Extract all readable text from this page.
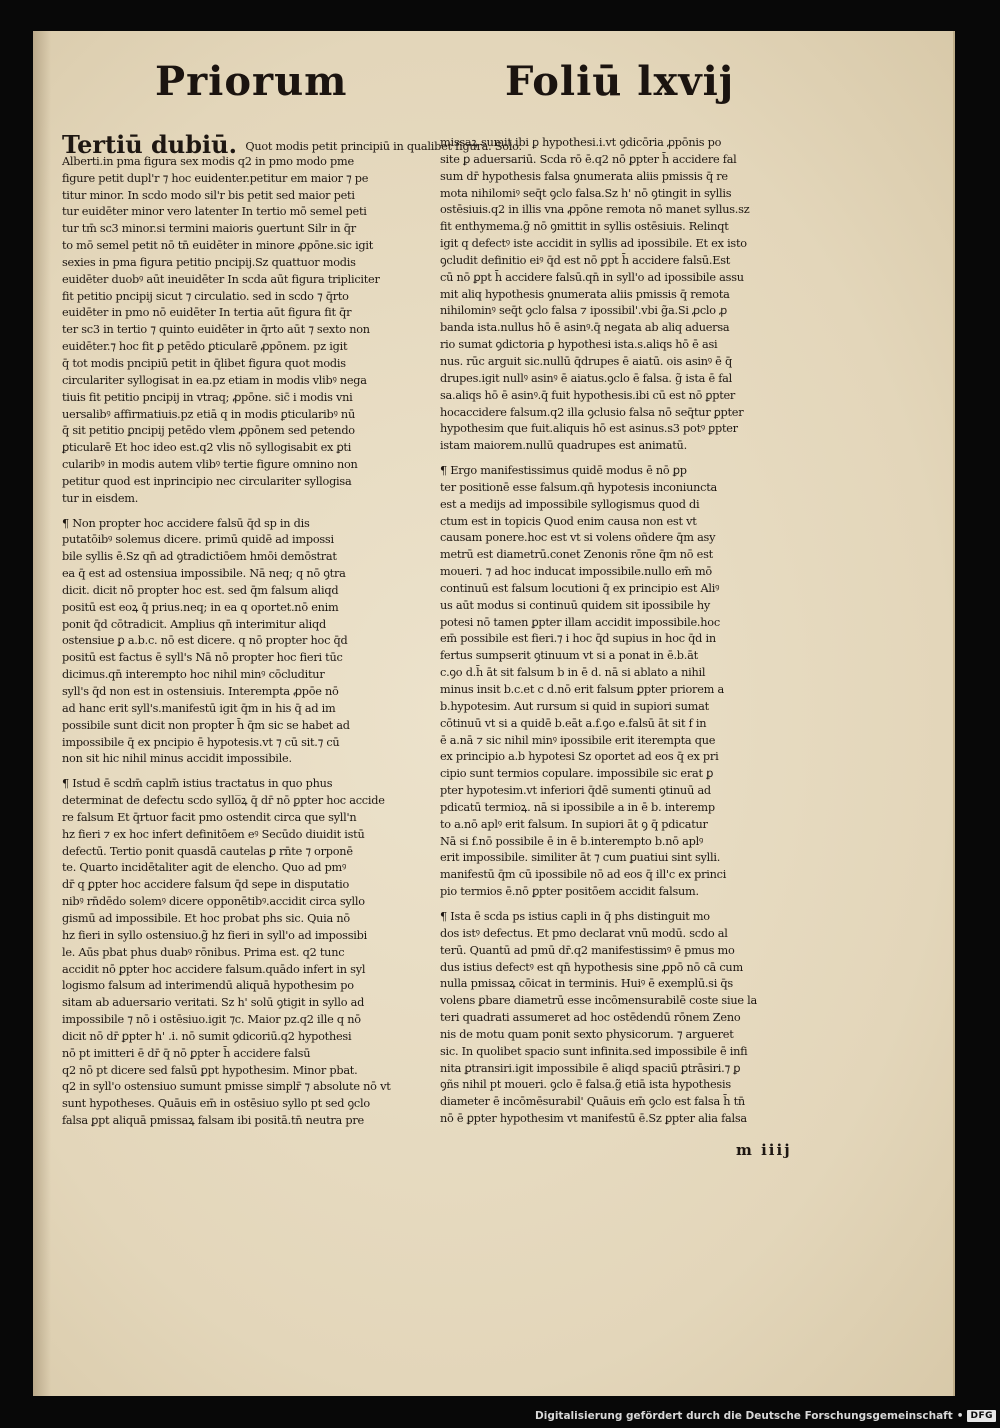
Priorum	Foliū lxvij
Tertiū dubiū. Quot modis petit principiū in qualibet figura. Solo.
Alberti.in pma figura sex modis q2 in pmo modo pme
figure petit dupl'r ⁊ hoc euidenter.petitur em maior ⁊ pe
titur minor. In scdo modo sil'r bis petit sed maior peti
tur euidēter minor vero latenter In tertio mō semel peti
tur tm̄ sc3 minor.si termini maioris ꝯuertunt Silr in q̄r
to mō semel petit nō tn̄ euidēter in minore ꝓpōne.sic igit
sexies in pma figura petitio pncipij.Sz quattuor modis
euidēter duobꝰ aūt ineuidēter In scda aūt figura tripliciter
fit petitio pncipij sicut ⁊ circulatio. sed in scdo ⁊ q̄rto
euidēter in pmo nō euidēter In tertia aūt figura fit q̄r
ter sc3 in tertio ⁊ quinto euidēter in q̄rto aūt ⁊ sexto non
euidēter.⁊ hoc fit ꝑ petēdo ꝑticularē ꝓpōnem. pz igit
q̄ tot modis pncipiū petit in q̄libet figura quot modis
circulariter syllogisat in ea.pz etiam in modis vlibꝰ nega
tiuis fit petitio pncipij in vtraq; ꝓpōne. sic̄ i modis vni
uersalibꝰ affirmatiuis.pz etiā q in modis ꝑticularibꝰ nū
q̄ sit petitio ꝑncipij petēdo vlem ꝓpōnem sed petendo
ꝑticularē Et hoc ideo est.q2 vlis nō syllogisabit ex ꝑti
cularibꝰ in modis autem vlibꝰ tertie figure omnino non
petitur quod est inprincipio nec circulariter syllogisa
tur in eisdem.
¶ Non propter hoc accidere falsū q̄d sp in dis
putatōibꝰ solemus dicere. primū quidē ad impossi
bile syllis ē.Sz qn̄ ad ꝯtradictiōem hmōi demōstrat
ea q̄ est ad ostensiua impossibile. Nā neq; q nō ꝯtra
dicit. dicit nō propter hoc est. sed q̄m falsum aliqd
positū est eoꝝ q̄ prius.neq; in ea q oportet.nō enim
ponit q̄d cōtradicit. Amplius qn̄ interimitur aliqd
ostensiue ꝑ a.b.c. nō est dicere. q nō propter hoc q̄d
positū est factus ē syll's Nā nō propter hoc fieri tūc
dicimus.qn̄ interempto hoc nihil minꝰ cōcluditur
syll's q̄d non est in ostensiuis. Interempta ꝓpōe nō
ad hanc erit syll's.manifestū igit q̄m in his q̄ ad im
possibile sunt dicit non propter h̄ q̄m sic se habet ad
impossibile q̄ ex pncipio ē hypotesis.vt ⁊ cū sit.⁊ cū
non sit hic nihil minus accidit impossibile.
¶ Istud ē scdm̄ caplm̄ istius tractatus in quo phus
determinat de defectu scdo syllo̅ꝝ q̄ dr̄ nō ꝑpter hoc accide
re falsum Et q̄rtuor facit pmo ostendit circa que syll'n
hz fieri ⁊ ex hoc infert definitōem eꝰ Secūdo diuidit istū
defectū. Tertio ponit quasdā cautelas ꝑ rn̄te ⁊ orponē
te. Quarto incidētaliter agit de elencho. Quo ad pmꝰ
dr̄ q ꝑpter hoc accidere falsum q̄d sepe in disputatio
nibꝰ rn̄dēdo solemꝰ dicere opponētibꝰ.accidit circa syllo
gismū ad impossibile. Et hoc probat phs sic. Quia nō
hz fieri in syllo ostensiuo.g̃ hz fieri in syll'o ad impossibi
le. Aūs pbat phus duabꝰ rōnibus. Prima est. q2 tunc
accidit nō ꝑpter hoc accidere falsum.quādo infert in syl
logismo falsum ad interimendū aliquā hypothesim po
sitam ab aduersario veritati. Sz h' solū ꝯtigit in syllo ad
impossibile ⁊ nō i ostēsiuo.igit ⁊c. Maior pz.q2 ille q nō
dicit nō dr̄ ꝑpter h' .i. nō sumit ꝯdicoriū.q2 hypothesi
nō pt imitteri ē dr̄ q̄ nō ꝑpter h̄ accidere falsū
q2 nō pt dicere sed falsū ꝑpt hypothesim. Minor pbat.
q2 in syll'o ostensiuo sumunt pmisse simplr̄ ⁊ absolute nō vt
sunt hypotheses. Quāuis em̄ in ostēsiuo syllo pt sed ꝯclo
falsa ꝑpt aliquā pmissaꝝ falsam ibi positā.tn̄ neutra pre
missaꝝ sumit ibi ꝑ hypothesi.i.vt ꝯdicōria ꝓpōnis po
site ꝑ aduersariū. Scda rō ē.q2 nō ꝑpter h̄ accidere fal
sum dr̄ hypothesis falsa ꝯnumerata aliis pmissis q̄ re
mota nihilomiꝰ seq̄t ꝯclo falsa.Sz h' nō ꝯtingit in syllis
ostēsiuis.q2 in illis vna ꝓpōne remota nō manet syllus.sz
fit enthymema.g̃ nō ꝯmittit in syllis ostēsiuis. Relinqt
igit q defectꝰ iste accidit in syllis ad ipossibile. Et ex isto
ꝯcludit definitio eiꝰ q̄d est nō ꝑpt h̄ accidere falsū.Est
cū nō ꝑpt h̄ accidere falsū.qn̄ in syll'o ad ipossibile assu
mit aliq hypothesis ꝯnumerata aliis pmissis q̄ remota
nihilominꝰ seq̄t ꝯclo falsa ⁊ ipossibil'.vbi g̃a.Si ꝓclo ꝓ
banda ista.nullus hō ē asinꝰ.q̄ negata ab aliq aduersa
rio sumat ꝯdictoria ꝑ hypothesi ista.s.aliqs hō ē asi
nus. rūc arguit sic.nullū q̄drupes ē aiatū. ois asinꝰ ē q̄
drupes.igit nullꝰ asinꝰ ē aiatus.ꝯclo ē falsa. g̃ ista ē fal
sa.aliqs hō ē asinꝰ.q̄ fuit hypothesis.ibi cū est nō ꝑpter
hocaccidere falsum.q2 illa ꝯclusio falsa nō seq̄tur ꝑpter
hypothesim que fuit.aliquis hō est asinus.s3 potꝰ ꝑpter
istam maiorem.nullū quadrupes est animatū.
¶ Ergo manifestissimus quidē modus ē nō ꝑp
ter positionē esse falsum.qn̄ hypotesis inconiuncta
est a medijs ad impossibile syllogismus quod di
ctum est in topicis Quod enim causa non est vt
causam ponere.hoc est vt si volens oñdere q̄m asy
metrū est diametrū.conet Zenonis rōne q̄m nō est
moueri. ⁊ ad hoc inducat impossibile.nullo em̄ mō
continuū est falsum locutioni q̄ ex principio est Aliꝰ
us aūt modus si continuū quidem sit ipossibile hy
potesi nō tamen ꝑpter illam accidit impossibile.hoc
em̄ possibile est fieri.⁊ i hoc q̄d supius in hoc q̄d in
fertus sumpserit ꝯtinuum vt si a ponat in ē.b.āt
c.ꝯo d.h̄ āt sit falsum b in ē d. nā si ablato a nihil
minus insit b.c.et c d.nō erit falsum ꝑpter priorem a
b.hypotesim. Aut rursum si quid in supiori sumat
cōtinuū vt si a quidē b.eāt a.f.ꝯo e.falsū āt sit f in
ē a.nā ⁊ sic nihil minꝰ ipossibile erit iterempta que
ex principio a.b hypotesi Sz oportet ad eos q̄ ex pri
cipio sunt termios copulare. impossibile sic erat ꝑ
pter hypotesim.vt inferiori q̄dē sumenti ꝯtinuū ad
pdicatū termioꝝ. nā si ipossibile a in ē b. interemp
to a.nō aplꝰ erit falsum. In supiori āt ꝯ q̄ pdicatur
Nā si f.nō possibile ē in ē b.interempto b.nō aplꝰ
erit impossibile. similiter āt ⁊ cum ꝑuatiui sint sylli.
manifestū q̄m cū ipossibile nō ad eos q̄ ill'c ex princi
pio termios ē.nō ꝑpter positōem accidit falsum.
¶ Ista ē scda ps istius capli in q̄ phs distinguit mo
dos istꝰ defectus. Et pmo declarat vnū modū. scdo al
terū. Quantū ad pmū dr̄.q2 manifestissimꝰ ē pmus mo
dus istius defectꝰ est qn̄ hypothesis sine ꝓpō nō cā cum
nulla pmissaꝝ cōicat in terminis. Huiꝰ ē exemplū.si q̄s
volens ꝑbare diametrū esse incōmensurabilē coste siue la
teri quadrati assumeret ad hoc ostēdendū rōnem Zeno
nis de motu quam ponit sexto physicorum. ⁊ argueret
sic. In quolibet spacio sunt infinita.sed impossibile ē infi
nita ꝑtransiri.igit impossibile ē aliqd spaciū ꝑtrāsiri.⁊ ꝑ
ꝯñs nihil pt moueri. ꝯclo ē falsa.g̃ etiā ista hypothesis
diameter ē incōmēsurabil' Quāuis em̄ ꝯclo est falsa h̄ tn̄
nō ē ꝑpter hypothesim vt manifestū ē.Sz ꝑpter alia falsa
m iiij
Digitalisierung gefördert durch die Deutsche Forschungsgemeinschaft • DFG
